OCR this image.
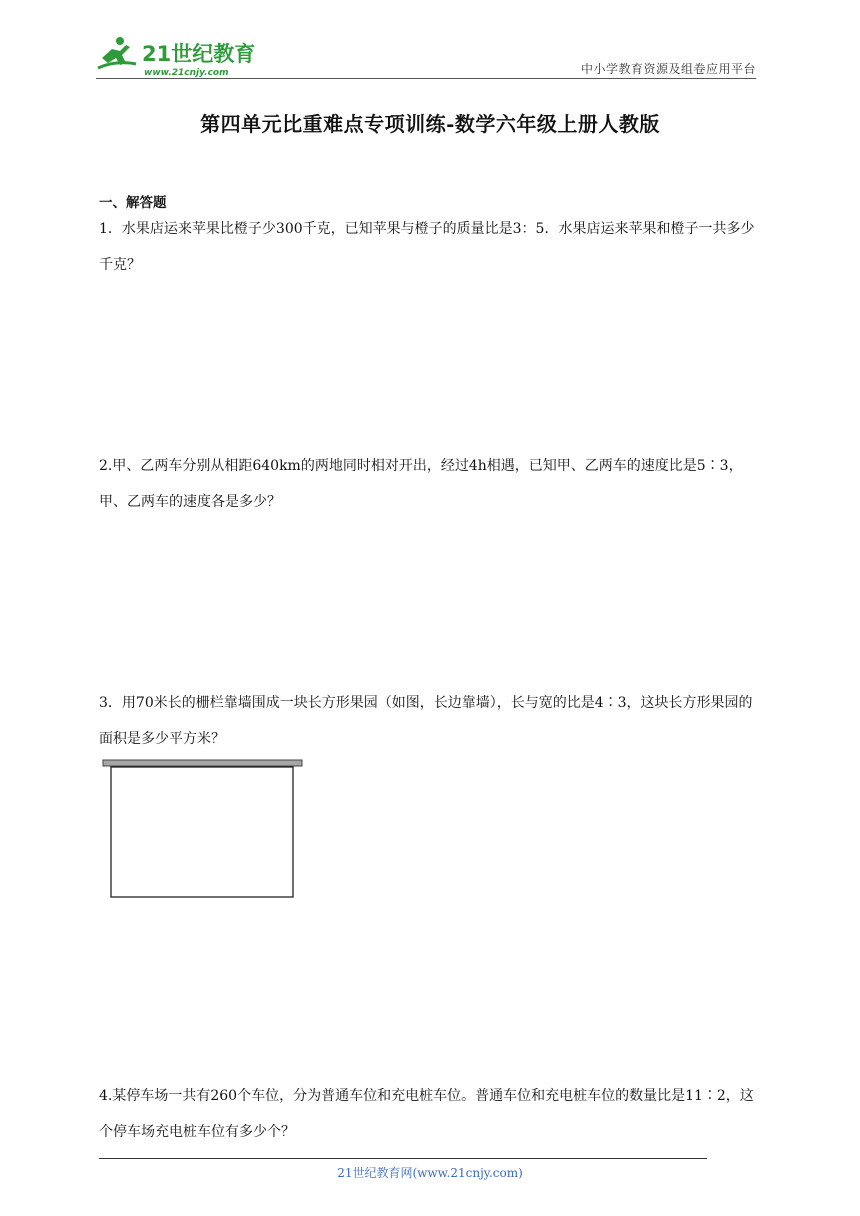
21世纪教育
www.21cnjy.com	中小学教育资源及组卷应用平台
第四单元比重难点专项训练-数学六年级上册人教版
一、解答题
1．水果店运来苹果比橙子少300千克，已知苹果与橙子的质量比是3：5．水果店运来苹果和橙子一共多少千克？
2.甲、乙两车分别从相距640km的两地同时相对开出，经过4h相遇，已知甲、乙两车的速度比是5∶3，甲、乙两车的速度各是多少？
3．用70米长的栅栏靠墙围成一块长方形果园（如图，长边靠墙），长与宽的比是4∶3，这块长方形果园的面积是多少平方米？
4.某停车场一共有260个车位，分为普通车位和充电桩车位。普通车位和充电桩车位的数量比是11∶2，这个停车场充电桩车位有多少个？
21世纪教育网(www.21cnjy.com)
